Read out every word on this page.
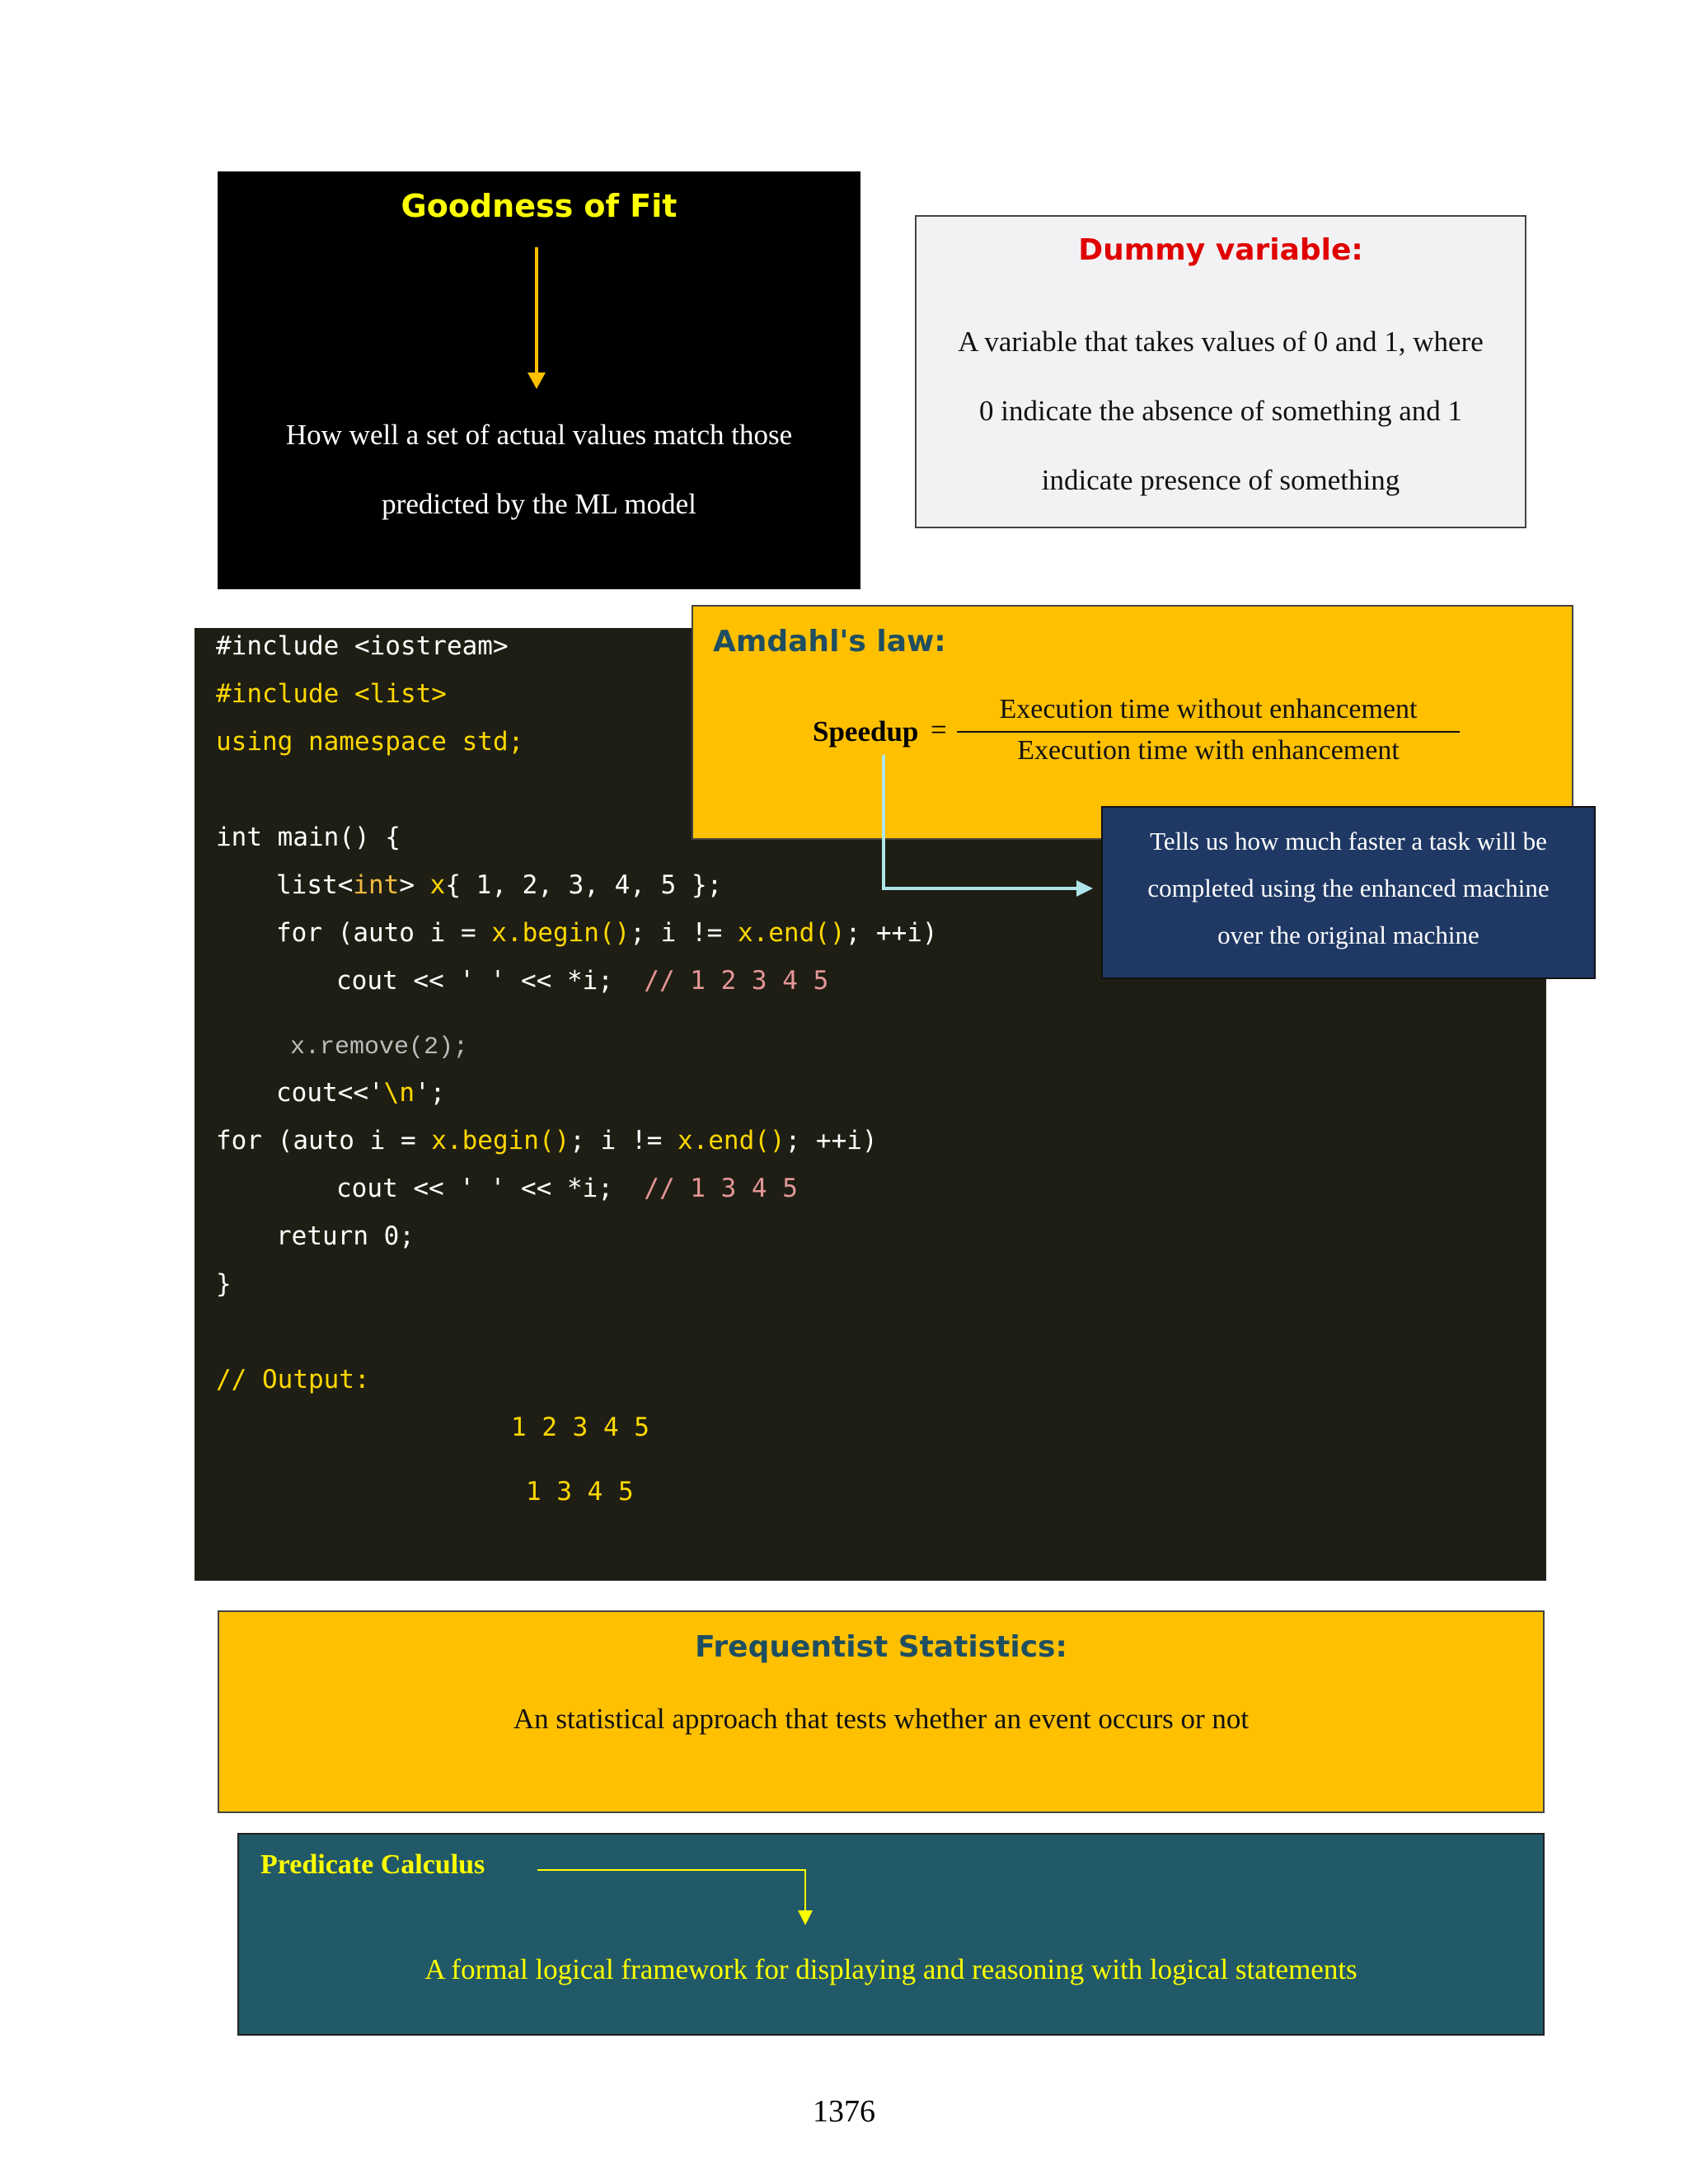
Goodness of Fit
How well a set of actual values match those
predicted by the ML model
Dummy variable:
A variable that takes values of 0 and 1, where
0 indicate the absence of something and 1
indicate presence of something
#include <iostream>
#include <list>
using namespace std;
int main() {
list<int> x{ 1, 2, 3, 4, 5 };
for (auto i = x.begin(); i != x.end(); ++i)
cout << ' ' << *i;  // 1 2 3 4 5
x.remove(2);
cout<<'\n';
for (auto i = x.begin(); i != x.end(); ++i)
cout << ' ' << *i;  // 1 3 4 5
return 0;
}
// Output:
1 2 3 4 5
1 3 4 5
Amdahl's law:
Speedup =
Execution time without enhancement
Execution time with enhancement
Tells us how much faster a task will be
completed using the enhanced machine
over the original machine
Frequentist Statistics:
An statistical approach that tests whether an event occurs or not
Predicate Calculus
A formal logical framework for displaying and reasoning with logical statements
1376
